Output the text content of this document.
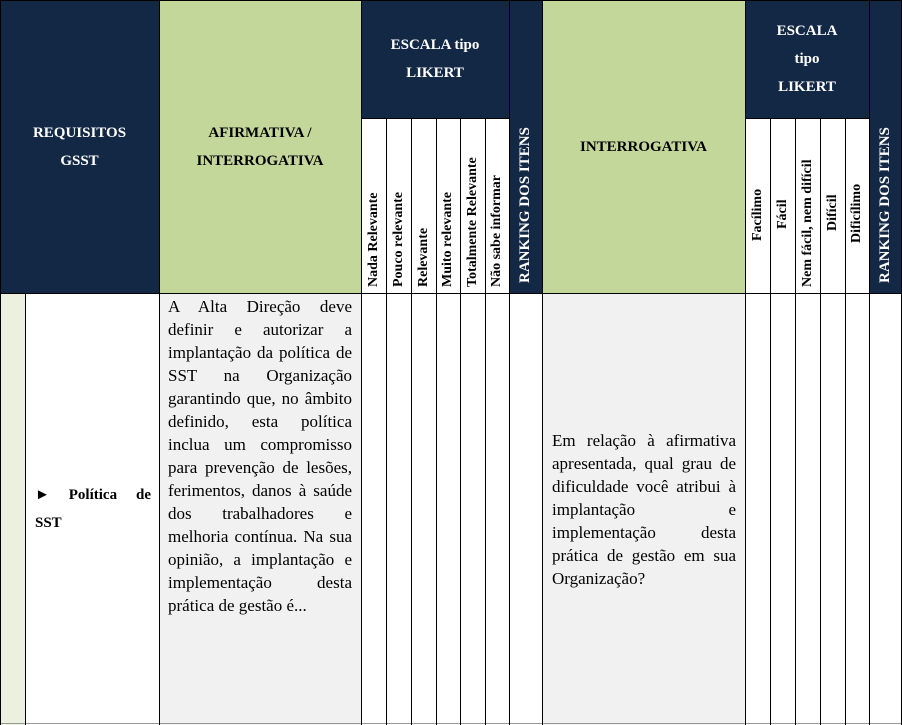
REQUISITOS GSST
AFIRMATIVA / INTERROGATIVA
ESCALA tipo LIKERT
Nada Relevante Pouco relevante Relevante Muito relevante Totalmente Relevante Não sabe informar RANKING DOS ITENS	INTERROGATIVA
ESCALA
tipo
LIKERT
Facílimo Fácil Nem fácil, nem difícil Difícil Dificílimo RANKING DOS ITENS
► Política de SST
A Alta Direção deve definir e autorizar a implantação da política de SST na Organização garantindo que, no âmbito definido, esta política inclua um compromisso para prevenção de lesões, ferimentos, danos à saúde dos trabalhadores e melhoria contínua. Na sua opinião, a implantação e implementação desta prática de gestão é...
Em relação à afirmativa apresentada, qual grau de dificuldade você atribui à implantação e implementação desta prática de gestão em sua Organização?
